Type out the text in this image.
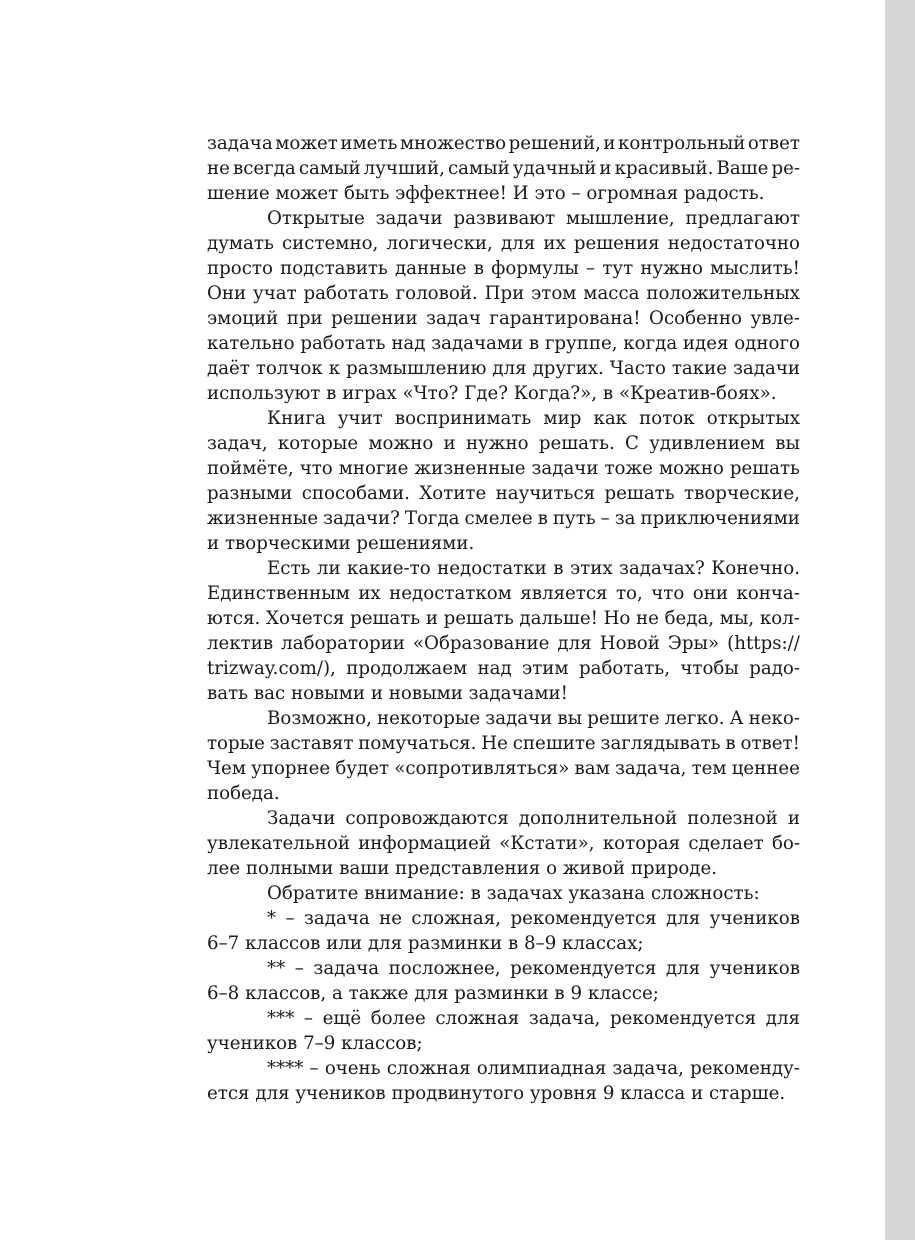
задача может иметь множество решений, и контрольный ответ
не всегда самый лучший, самый удачный и красивый. Ваше ре-
шение может быть эффектнее! И это – огромная радость.
Открытые задачи развивают мышление, предлагают
думать системно, логически, для их решения недостаточно
просто подставить данные в формулы – тут нужно мыслить!
Они учат работать головой. При этом масса положительных
эмоций при решении задач гарантирована! Особенно увле-
кательно работать над задачами в группе, когда идея одного
даёт толчок к размышлению для других. Часто такие задачи
используют в играх «Что? Где? Когда?», в «Креатив-боях».
Книга учит воспринимать мир как поток открытых
задач, которые можно и нужно решать. С удивлением вы
поймёте, что многие жизненные задачи тоже можно решать
разными способами. Хотите научиться решать творческие,
жизненные задачи? Тогда смелее в путь – за приключениями
и творческими решениями.
Есть ли какие-то недостатки в этих задачах? Конечно.
Единственным их недостатком является то, что они конча-
ются. Хочется решать и решать дальше! Но не беда, мы, кол-
лектив лаборатории «Образование для Новой Эры» (https://
trizway.com/), продолжаем над этим работать, чтобы радо-
вать вас новыми и новыми задачами!
Возможно, некоторые задачи вы решите легко. А неко-
торые заставят помучаться. Не спешите заглядывать в ответ!
Чем упорнее будет «сопротивляться» вам задача, тем ценнее
победа.
Задачи сопровождаются дополнительной полезной и
увлекательной информацией «Кстати», которая сделает бо-
лее полными ваши представления о живой природе.
Обратите внимание: в задачах указана сложность:
* – задача не сложная, рекомендуется для учеников
6–7 классов или для разминки в 8–9 классах;
** – задача посложнее, рекомендуется для учеников
6–8 классов, а также для разминки в 9 классе;
*** – ещё более сложная задача, рекомендуется для
учеников 7–9 классов;
**** – очень сложная олимпиадная задача, рекоменду-
ется для учеников продвинутого уровня 9 класса и старше.
